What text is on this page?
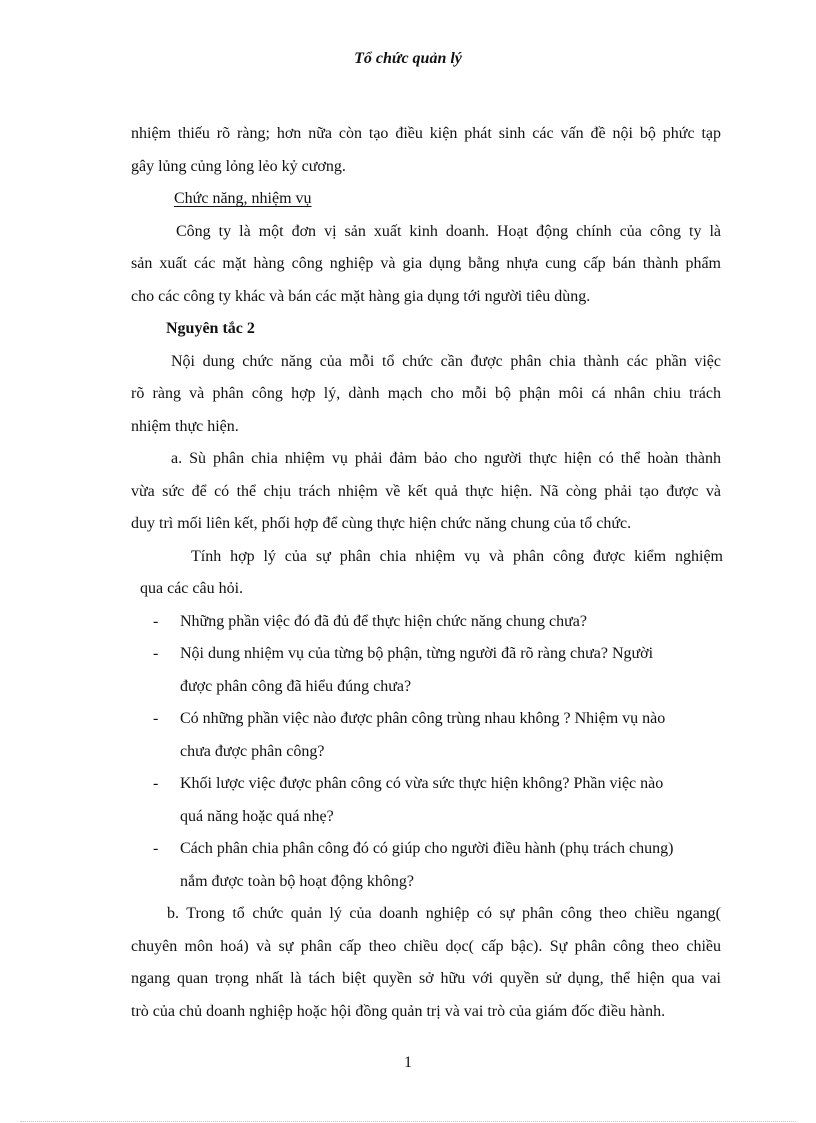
Tổ chức quản lý
nhiệm thiếu rõ ràng; hơn nữa còn tạo điều kiện phát sinh các vấn đề nội bộ phức tạp
gây lủng củng lỏng lẻo kỷ cương.
Chức năng, nhiệm vụ
Công ty là một đơn vị sản xuất kinh doanh. Hoạt động chính của công ty là
sản xuất các mặt hàng công nghiệp và gia dụng bằng nhựa cung cấp bán thành phẩm
cho các công ty khác và bán các mặt hàng gia dụng tới người tiêu dùng.
Nguyên tắc 2
Nội dung chức năng của mỗi tổ chức cần được phân chia thành các phần việc
rõ ràng và phân công hợp lý, dành mạch cho mỗi bộ phận môi cá nhân chiu trách
nhiệm thực hiện.
a. Sù phân chia nhiệm vụ phải đảm bảo cho người thực hiện có thể hoàn thành
vừa sức để có thể chịu trách nhiệm về kết quả thực hiện. Nã còng phải tạo được và
duy trì mối liên kết, phối hợp để cùng thực hiện chức năng chung của tổ chức.
Tính hợp lý của sự phân chia nhiệm vụ và phân công được kiểm nghiệm
qua các câu hỏi.
- Những phần việc đó đã đủ để thực hiện chức năng chung chưa?
- Nội dung nhiệm vụ của từng bộ phận, từng người đã rõ ràng chưa? Người
được phân công đã hiểu đúng chưa?
- Có những phần việc nào được phân công trùng nhau không ? Nhiệm vụ nào
chưa được phân công?
- Khối lược việc được phân công có vừa sức thực hiện không? Phần việc nào
quá năng hoặc quá nhẹ?
- Cách phân chia phân công đó có giúp cho người điều hành (phụ trách chung)
nắm được toàn bộ hoạt động không?
b. Trong tổ chức quản lý của doanh nghiệp có sự phân công theo chiều ngang(
chuyên môn hoá) và sự phân cấp theo chiều dọc( cấp bậc). Sự phân công theo chiều
ngang quan trọng nhất là tách biệt quyền sở hữu với quyền sử dụng, thể hiện qua vai
trò của chủ doanh nghiệp hoặc hội đồng quản trị và vai trò của giám đốc điều hành.
1
